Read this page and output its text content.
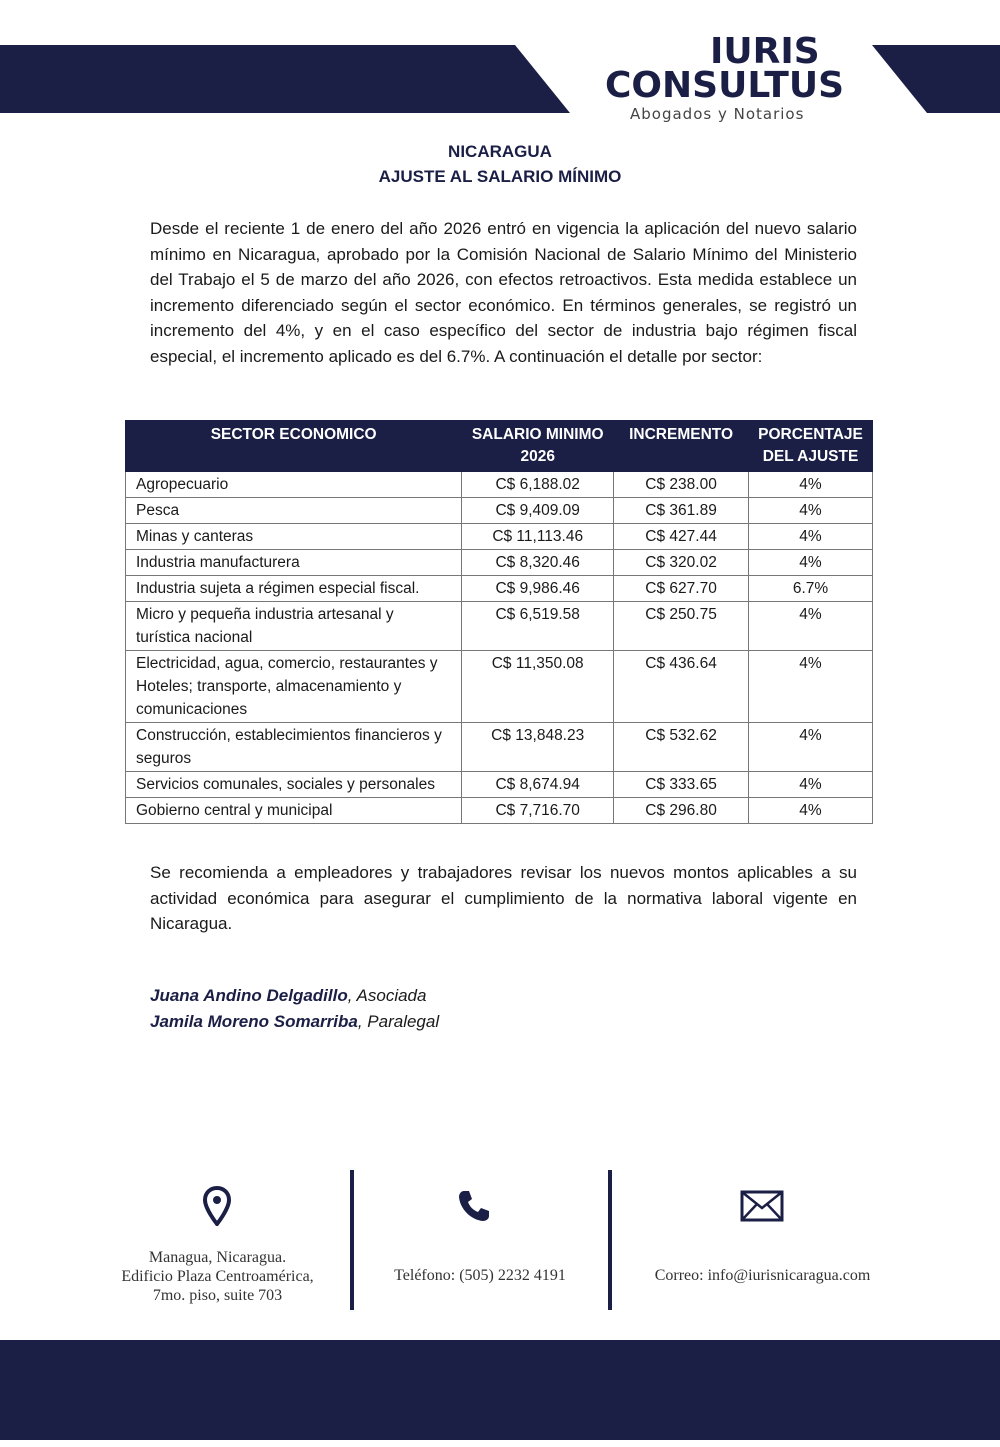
IURIS
CONSULTUS
Abogados y Notarios
NICARAGUA
AJUSTE AL SALARIO MÍNIMO
Desde el reciente 1 de enero del año 2026 entró en vigencia la aplicación del nuevo salario mínimo en Nicaragua, aprobado por la Comisión Nacional de Salario Mínimo del Ministerio del Trabajo el 5 de marzo del año 2026, con efectos retroactivos. Esta medida establece un incremento diferenciado según el sector económico. En términos generales, se registró un incremento del 4%, y en el caso específico del sector de industria bajo régimen fiscal especial, el incremento aplicado es del 6.7%. A continuación el detalle por sector:
SECTOR ECONOMICO	SALARIO MINIMO 2026	INCREMENTO	PORCENTAJE DEL AJUSTE
Agropecuario	C$ 6,188.02	C$ 238.00	4%
Pesca	C$ 9,409.09	C$ 361.89	4%
Minas y canteras	C$ 11,113.46	C$ 427.44	4%
Industria manufacturera	C$ 8,320.46	C$ 320.02	4%
Industria sujeta a régimen especial fiscal.	C$ 9,986.46	C$ 627.70	6.7%
Micro y pequeña industria artesanal y turística nacional	C$ 6,519.58	C$ 250.75	4%
Electricidad, agua, comercio, restaurantes y Hoteles; transporte, almacenamiento y comunicaciones	C$ 11,350.08	C$ 436.64	4%
Construcción, establecimientos financieros y seguros	C$ 13,848.23	C$ 532.62	4%
Servicios comunales, sociales y personales	C$ 8,674.94	C$ 333.65	4%
Gobierno central y municipal	C$ 7,716.70	C$ 296.80	4%
Se recomienda a empleadores y trabajadores revisar los nuevos montos aplicables a su actividad económica para asegurar el cumplimiento de la normativa laboral vigente en Nicaragua.
Juana Andino Delgadillo, Asociada
Jamila Moreno Somarriba, Paralegal
Managua, Nicaragua.
Edificio Plaza Centroamérica,
7mo. piso, suite 703
Teléfono: (505) 2232 4191	Correo: info@iurisnicaragua.com
